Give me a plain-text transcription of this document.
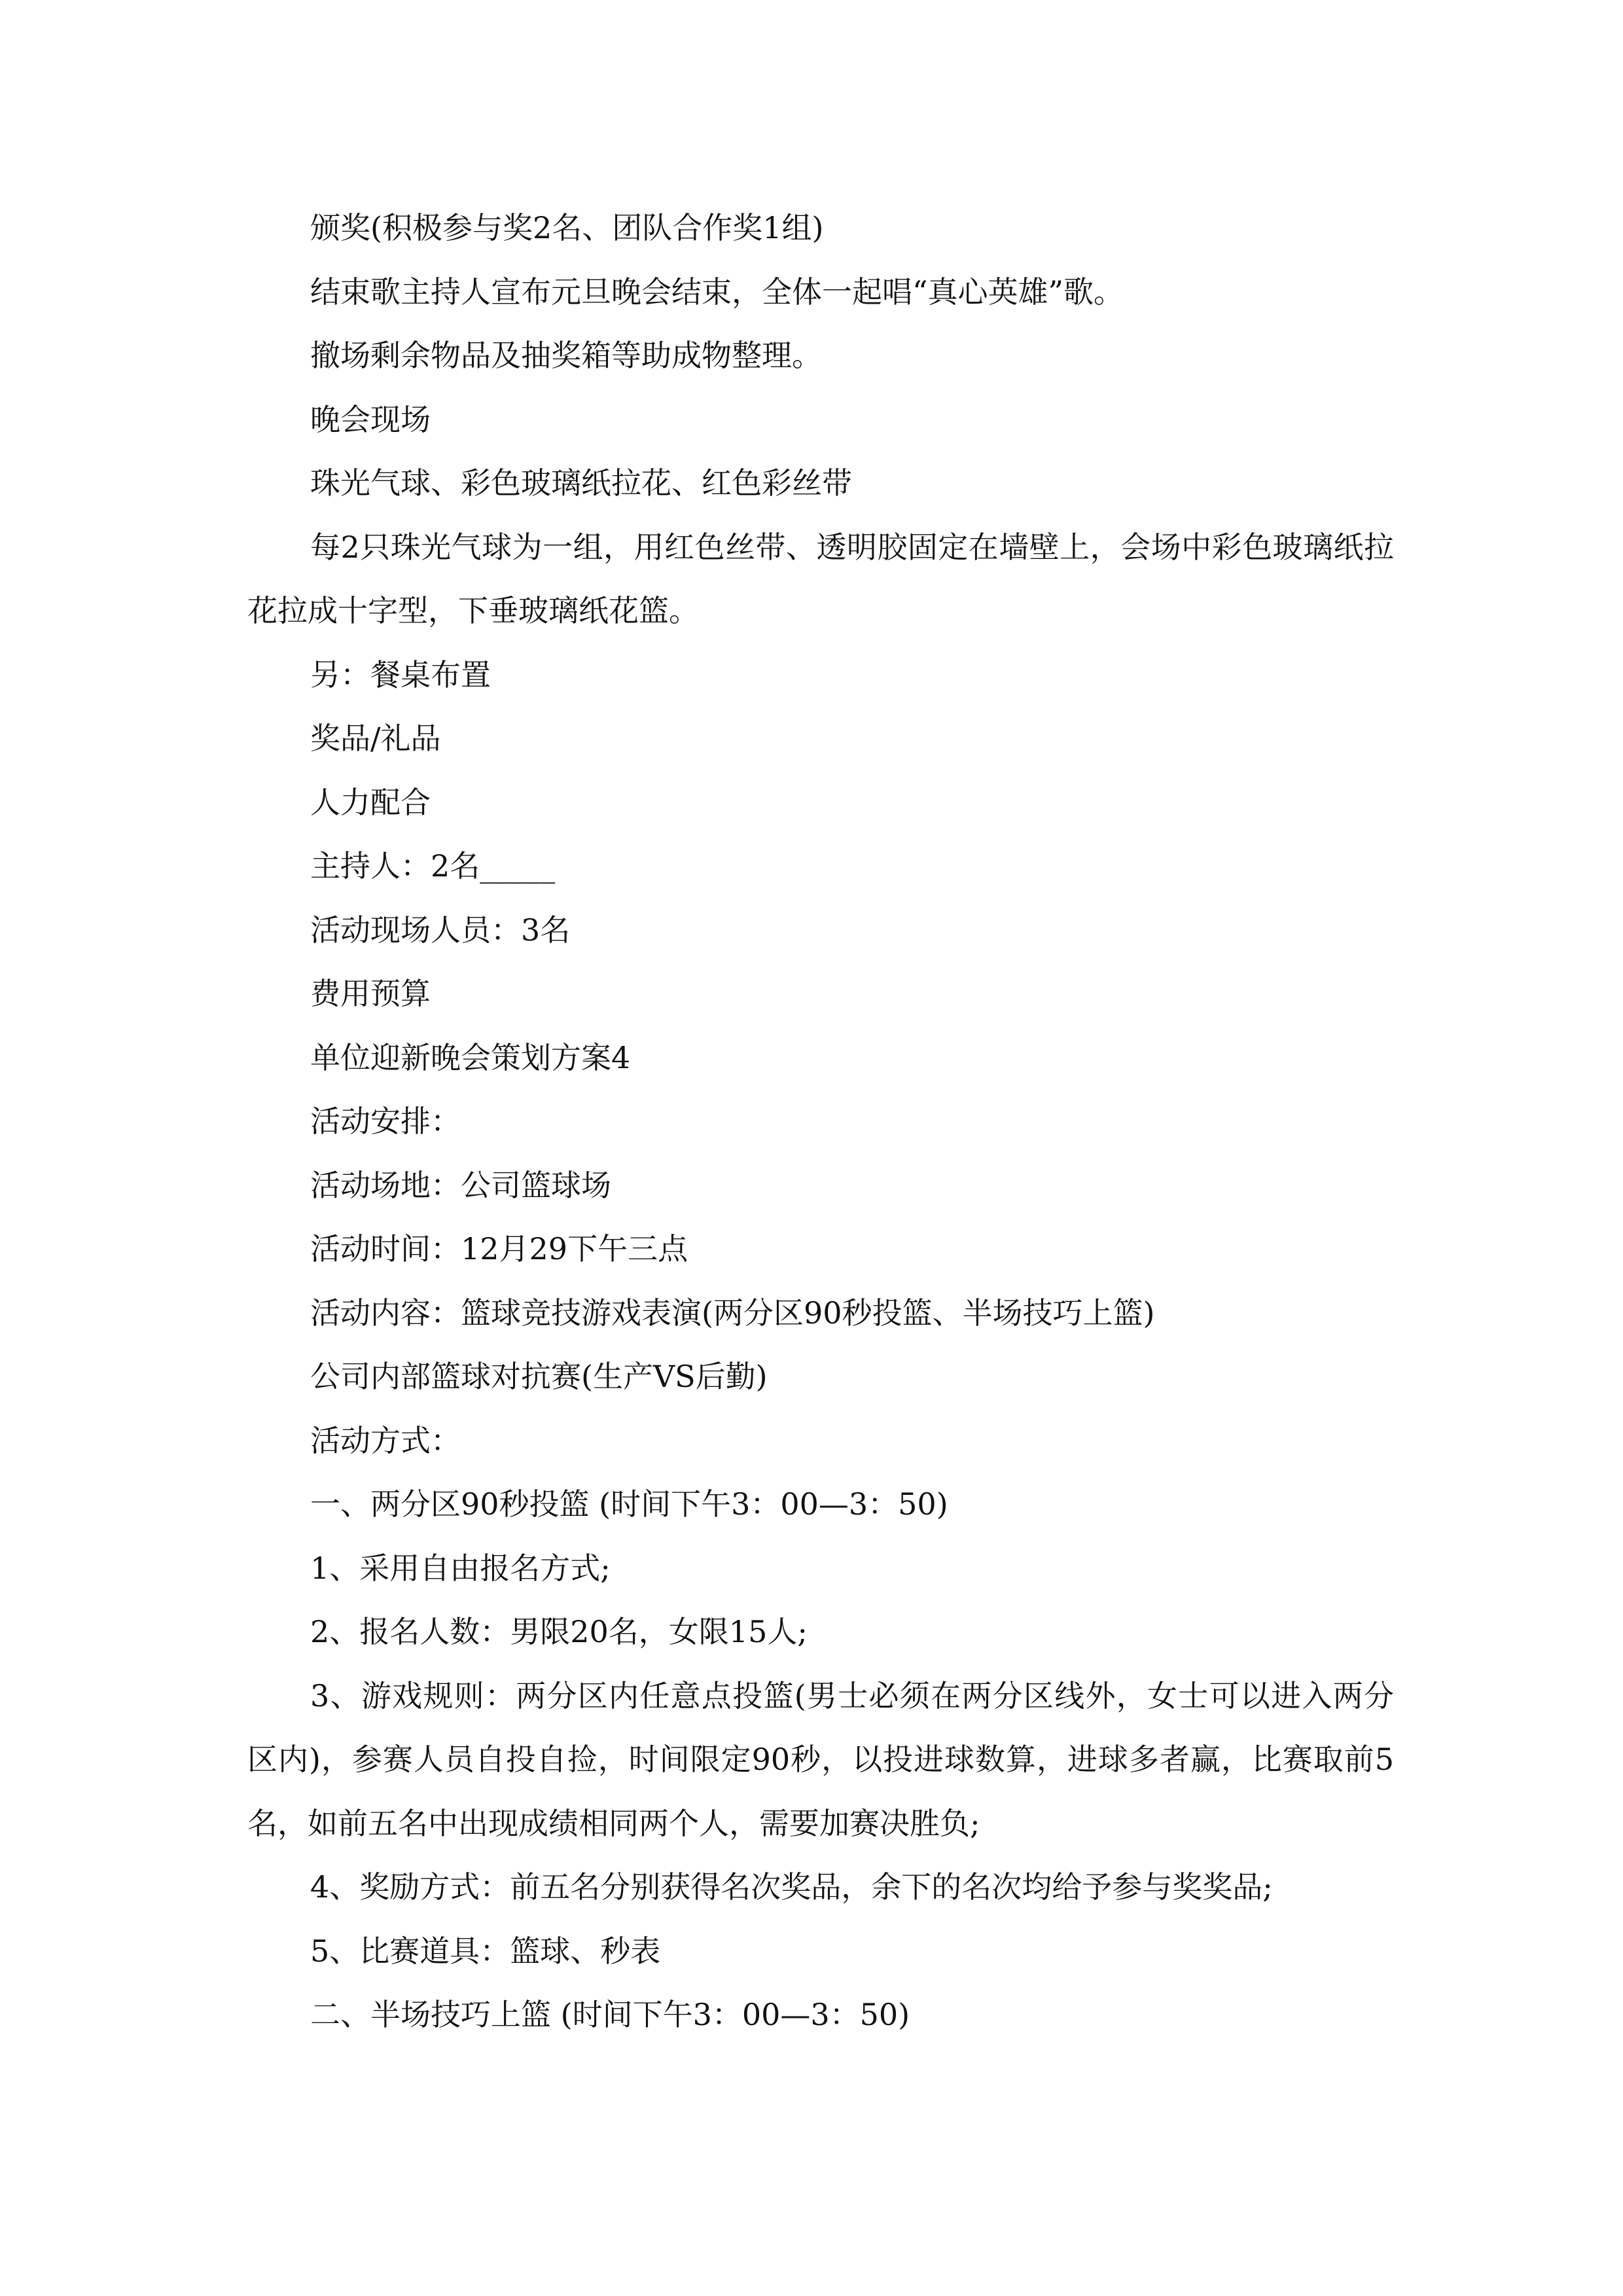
颁奖(积极参与奖2名、团队合作奖1组)

结束歌主持人宣布元旦晚会结束，全体一起唱“真心英雄”歌。

撤场剩余物品及抽奖箱等助成物整理。

晚会现场

珠光气球、彩色玻璃纸拉花、红色彩丝带

每2只珠光气球为一组，用红色丝带、透明胶固定在墙壁上，会场中彩色玻璃纸拉花拉成十字型，下垂玻璃纸花篮。

另：餐桌布置

奖品/礼品

人力配合

主持人：2名_____

活动现场人员：3名

费用预算

单位迎新晚会策划方案4

活动安排：

活动场地：公司篮球场

活动时间：12月29下午三点

活动内容：篮球竞技游戏表演(两分区90秒投篮、半场技巧上篮)

公司内部篮球对抗赛(生产VS后勤)

活动方式：

一、两分区90秒投篮 (时间下午3：00—3：50)

1、采用自由报名方式;

2、报名人数：男限20名，女限15人;

3、游戏规则：两分区内任意点投篮(男士必须在两分区线外，女士可以进入两分区内)，参赛人员自投自捡，时间限定90秒，以投进球数算，进球多者赢，比赛取前5名，如前五名中出现成绩相同两个人，需要加赛决胜负;

4、奖励方式：前五名分别获得名次奖品，余下的名次均给予参与奖奖品;

5、比赛道具：篮球、秒表

二、半场技巧上篮 (时间下午3：00—3：50)
